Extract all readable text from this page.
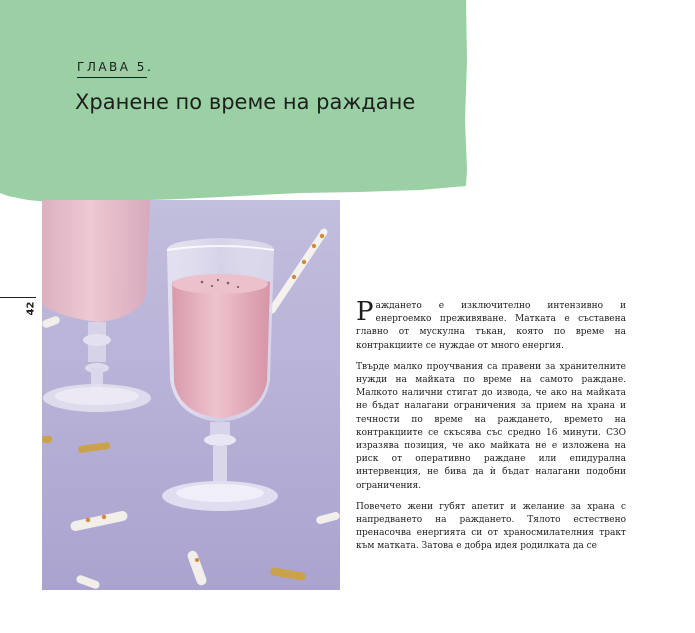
ГЛАВА 5.
Хранене по време на раждане
42	Раждането е изключително интензивно и енергоемко преживяване. Матката е съставена главно от мускулна тъкан, която по време на контракциите се нуждае от много енергия.

Твърде малко проучвания са правени за хранителните нужди на майката по време на самото раждане. Малкото налични стигат до извода, че ако на майката не бъдат налагани ограничения за прием на храна и течности по време на раждането, времето на контракциите се скъсява със средно 16 минути. СЗО изразява позиция, че ако майката не е изложена на риск от оперативно раждане или епидурална интервенция, не бива да ѝ бъдат налагани подобни ограничения.

Повечето жени губят апетит и желание за храна с напредването на раждането. Тялото естествено пренасочва енергията си от храносмилателния тракт към матката. Затова е добра идея родилката да се
